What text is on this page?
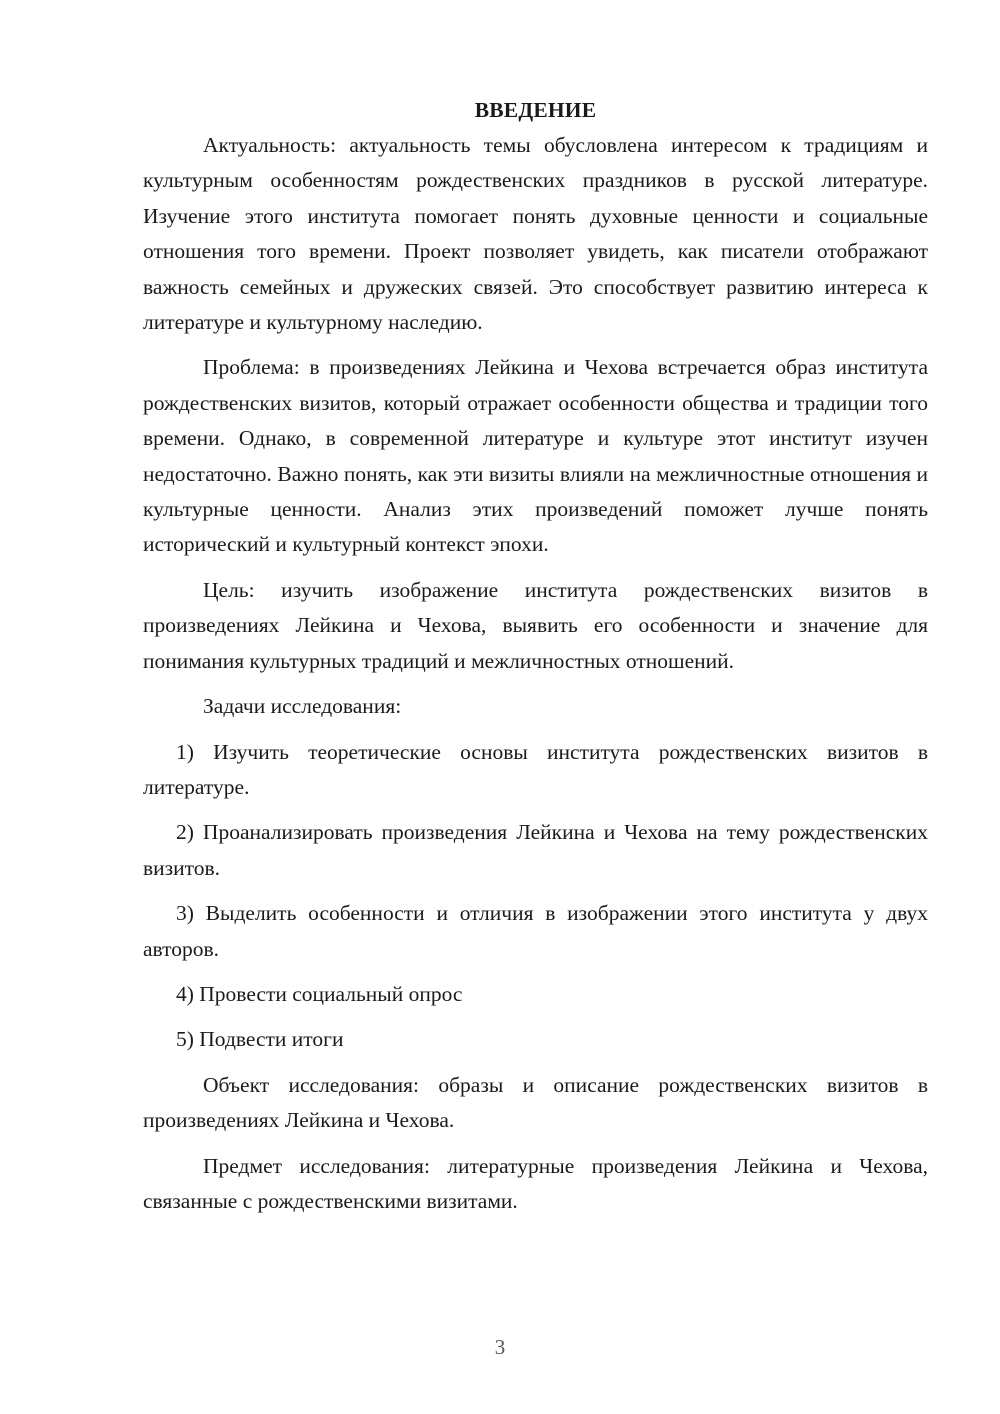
ВВЕДЕНИЕ

Актуальность: актуальность темы обусловлена интересом к традициям и культурным особенностям рождественских праздников в русской литературе. Изучение этого института помогает понять духовные ценности и социальные отношения того времени. Проект позволяет увидеть, как писатели отображают важность семейных и дружеских связей. Это способствует развитию интереса к литературе и культурному наследию.

Проблема: в произведениях Лейкина и Чехова встречается образ института рождественских визитов, который отражает особенности общества и традиции того времени. Однако, в современной литературе и культуре этот институт изучен недостаточно. Важно понять, как эти визиты влияли на межличностные отношения и культурные ценности. Анализ этих произведений поможет лучше понять исторический и культурный контекст эпохи.

Цель: изучить изображение института рождественских визитов в произведениях Лейкина и Чехова, выявить его особенности и значение для понимания культурных традиций и межличностных отношений.

Задачи исследования:

1) Изучить теоретические основы института рождественских визитов в литературе.

2) Проанализировать произведения Лейкина и Чехова на тему рождественских визитов.

3) Выделить особенности и отличия в изображении этого института у двух авторов.

4) Провести социальный опрос

5) Подвести итоги

Объект исследования: образы и описание рождественских визитов в произведениях Лейкина и Чехова.

Предмет исследования: литературные произведения Лейкина и Чехова, связанные с рождественскими визитами.

3
